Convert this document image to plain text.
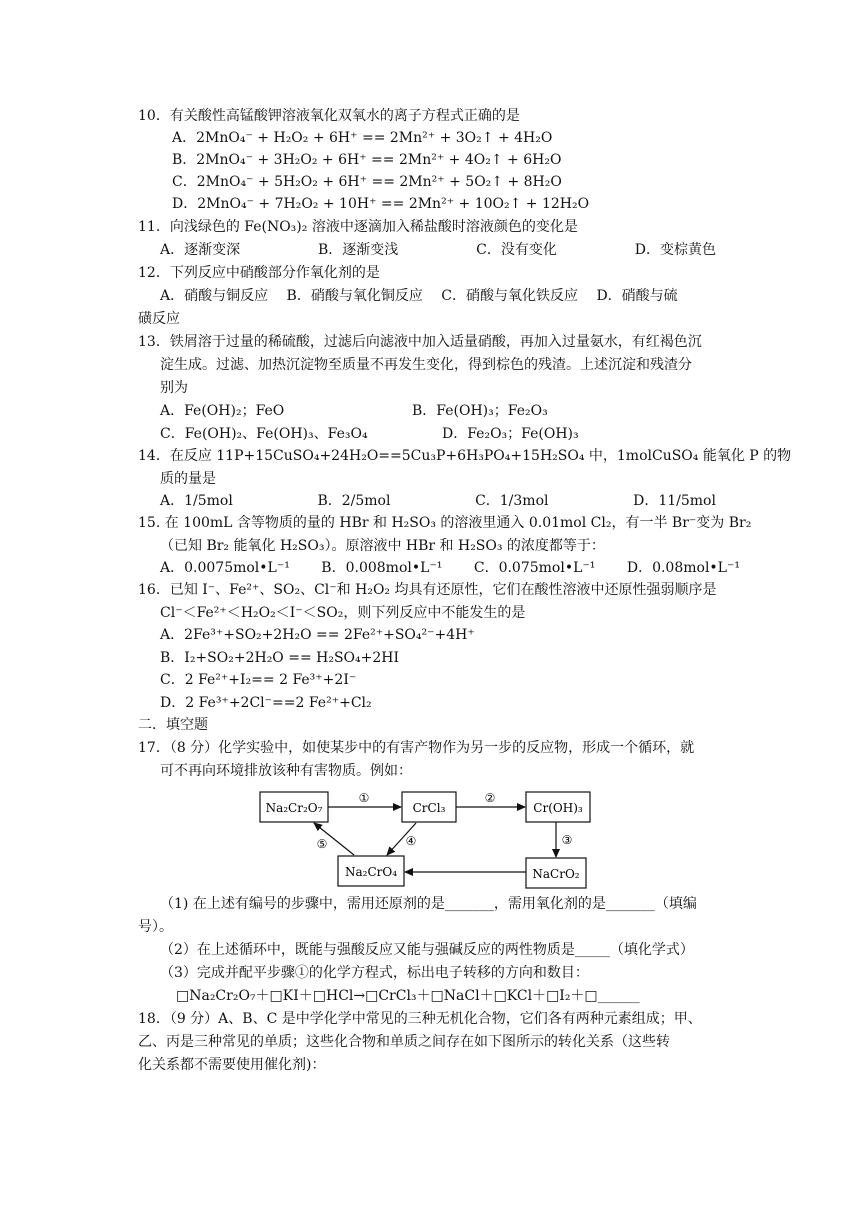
10．有关酸性高锰酸钾溶液氧化双氧水的离子方程式正确的是
A．2MnO₄⁻ + H₂O₂ + 6H⁺ == 2Mn²⁺ + 3O₂↑ + 4H₂O
B．2MnO₄⁻ + 3H₂O₂ + 6H⁺ == 2Mn²⁺ + 4O₂↑ + 6H₂O
C．2MnO₄⁻ + 5H₂O₂ + 6H⁺ == 2Mn²⁺ + 5O₂↑ + 8H₂O
D．2MnO₄⁻ + 7H₂O₂ + 10H⁺ == 2Mn²⁺ + 10O₂↑ + 12H₂O
11．向浅绿色的 Fe(NO₃)₂ 溶液中逐滴加入稀盐酸时溶液颜色的变化是
A．逐渐变深	B．逐渐变浅	C．没有变化	D．变棕黄色
12．下列反应中硝酸部分作氧化剂的是
A．硝酸与铜反应　 B．硝酸与氧化铜反应　 C．硝酸与氧化铁反应　 D．硝酸与硫
磺反应
13．铁屑溶于过量的稀硫酸，过滤后向滤液中加入适量硝酸，再加入过量氨水，有红褐色沉
淀生成。过滤、加热沉淀物至质量不再发生变化，得到棕色的残渣。上述沉淀和残渣分
别为
A．Fe(OH)₂；FeO	B．Fe(OH)₃；Fe₂O₃
C．Fe(OH)₂、Fe(OH)₃、Fe₃O₄	D．Fe₂O₃；Fe(OH)₃
14．在反应 11P+15CuSO₄+24H₂O==5Cu₃P+6H₃PO₄+15H₂SO₄ 中，1molCuSO₄ 能氧化 P 的物
质的量是
A．1/5mol	B．2/5mol	C．1/3mol	D．11/5mol
15. 在 100mL 含等物质的量的 HBr 和 H₂SO₃ 的溶液里通入 0.01mol Cl₂，有一半 Br⁻变为 Br₂
（已知 Br₂ 能氧化 H₂SO₃）。原溶液中 HBr 和 H₂SO₃ 的浓度都等于：
A．0.0075mol•L⁻¹ B．0.008mol•L⁻¹ C．0.075mol•L⁻¹ D．0.08mol•L⁻¹
16．已知 I⁻、Fe²⁺、SO₂、Cl⁻和 H₂O₂ 均具有还原性，它们在酸性溶液中还原性强弱顺序是
Cl⁻＜Fe²⁺＜H₂O₂＜I⁻＜SO₂，则下列反应中不能发生的是
A．2Fe³⁺+SO₂+2H₂O == 2Fe²⁺+SO₄²⁻+4H⁺
B．I₂+SO₂+2H₂O == H₂SO₄+2HI
C．2 Fe²⁺+I₂== 2 Fe³⁺+2I⁻
D．2 Fe³⁺+2Cl⁻==2 Fe²⁺+Cl₂
二．填空题
17．（8 分）化学实验中，如使某步中的有害产物作为另一步的反应物，形成一个循环，就
可不再向环境排放该种有害物质。例如：
Na₂Cr₂O₇	CrCl₃	Cr(OH)₃
NaCrO₂
Na₂CrO₄
①	②
③
④
⑤
（1) 在上述有编号的步骤中，需用还原剂的是_______，需用氧化剂的是_______（填编
号）。
（2）在上述循环中，既能与强酸反应又能与强碱反应的两性物质是_____（填化学式）
（3）完成并配平步骤①的化学方程式，标出电子转移的方向和数目：
□Na₂Cr₂O₇＋□KI＋□HCl→□CrCl₃＋□NaCl＋□KCl＋□I₂＋□______
18．（9 分）A、B、C 是中学化学中常见的三种无机化合物，它们各有两种元素组成；甲、
乙、丙是三种常见的单质；这些化合物和单质之间存在如下图所示的转化关系（这些转
化关系都不需要使用催化剂)：
